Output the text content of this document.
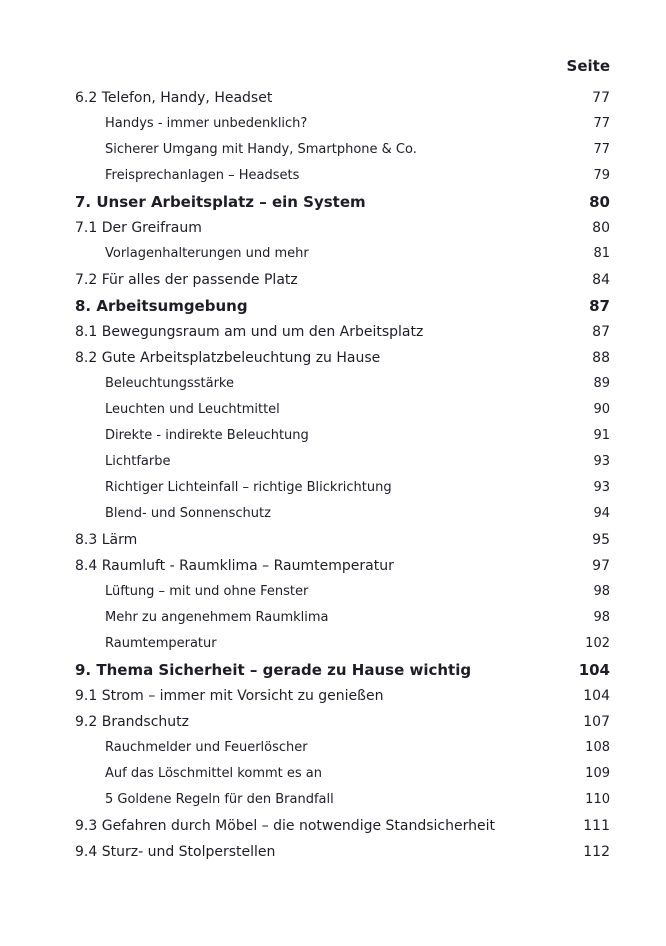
Seite
6.2 Telefon, Handy, Headset	77
Handys - immer unbedenklich?	77
Sicherer Umgang mit Handy, Smartphone & Co.	77
Freisprechanlagen – Headsets	79
7. Unser Arbeitsplatz – ein System	80
7.1 Der Greifraum	80
Vorlagenhalterungen und mehr	81
7.2 Für alles der passende Platz	84
8. Arbeitsumgebung	87
8.1 Bewegungsraum am und um den Arbeitsplatz	87
8.2 Gute Arbeitsplatzbeleuchtung zu Hause	88
Beleuchtungsstärke	89
Leuchten und Leuchtmittel	90
Direkte - indirekte Beleuchtung	91
Lichtfarbe	93
Richtiger Lichteinfall – richtige Blickrichtung	93
Blend- und Sonnenschutz	94
8.3 Lärm	95
8.4 Raumluft - Raumklima – Raumtemperatur	97
Lüftung – mit und ohne Fenster	98
Mehr zu angenehmem Raumklima	98
Raumtemperatur	102
9. Thema Sicherheit – gerade zu Hause wichtig	104
9.1 Strom – immer mit Vorsicht zu genießen	104
9.2 Brandschutz	107
Rauchmelder und Feuerlöscher	108
Auf das Löschmittel kommt es an	109
5 Goldene Regeln für den Brandfall	110
9.3 Gefahren durch Möbel – die notwendige Standsicherheit	111
9.4 Sturz- und Stolperstellen	112
